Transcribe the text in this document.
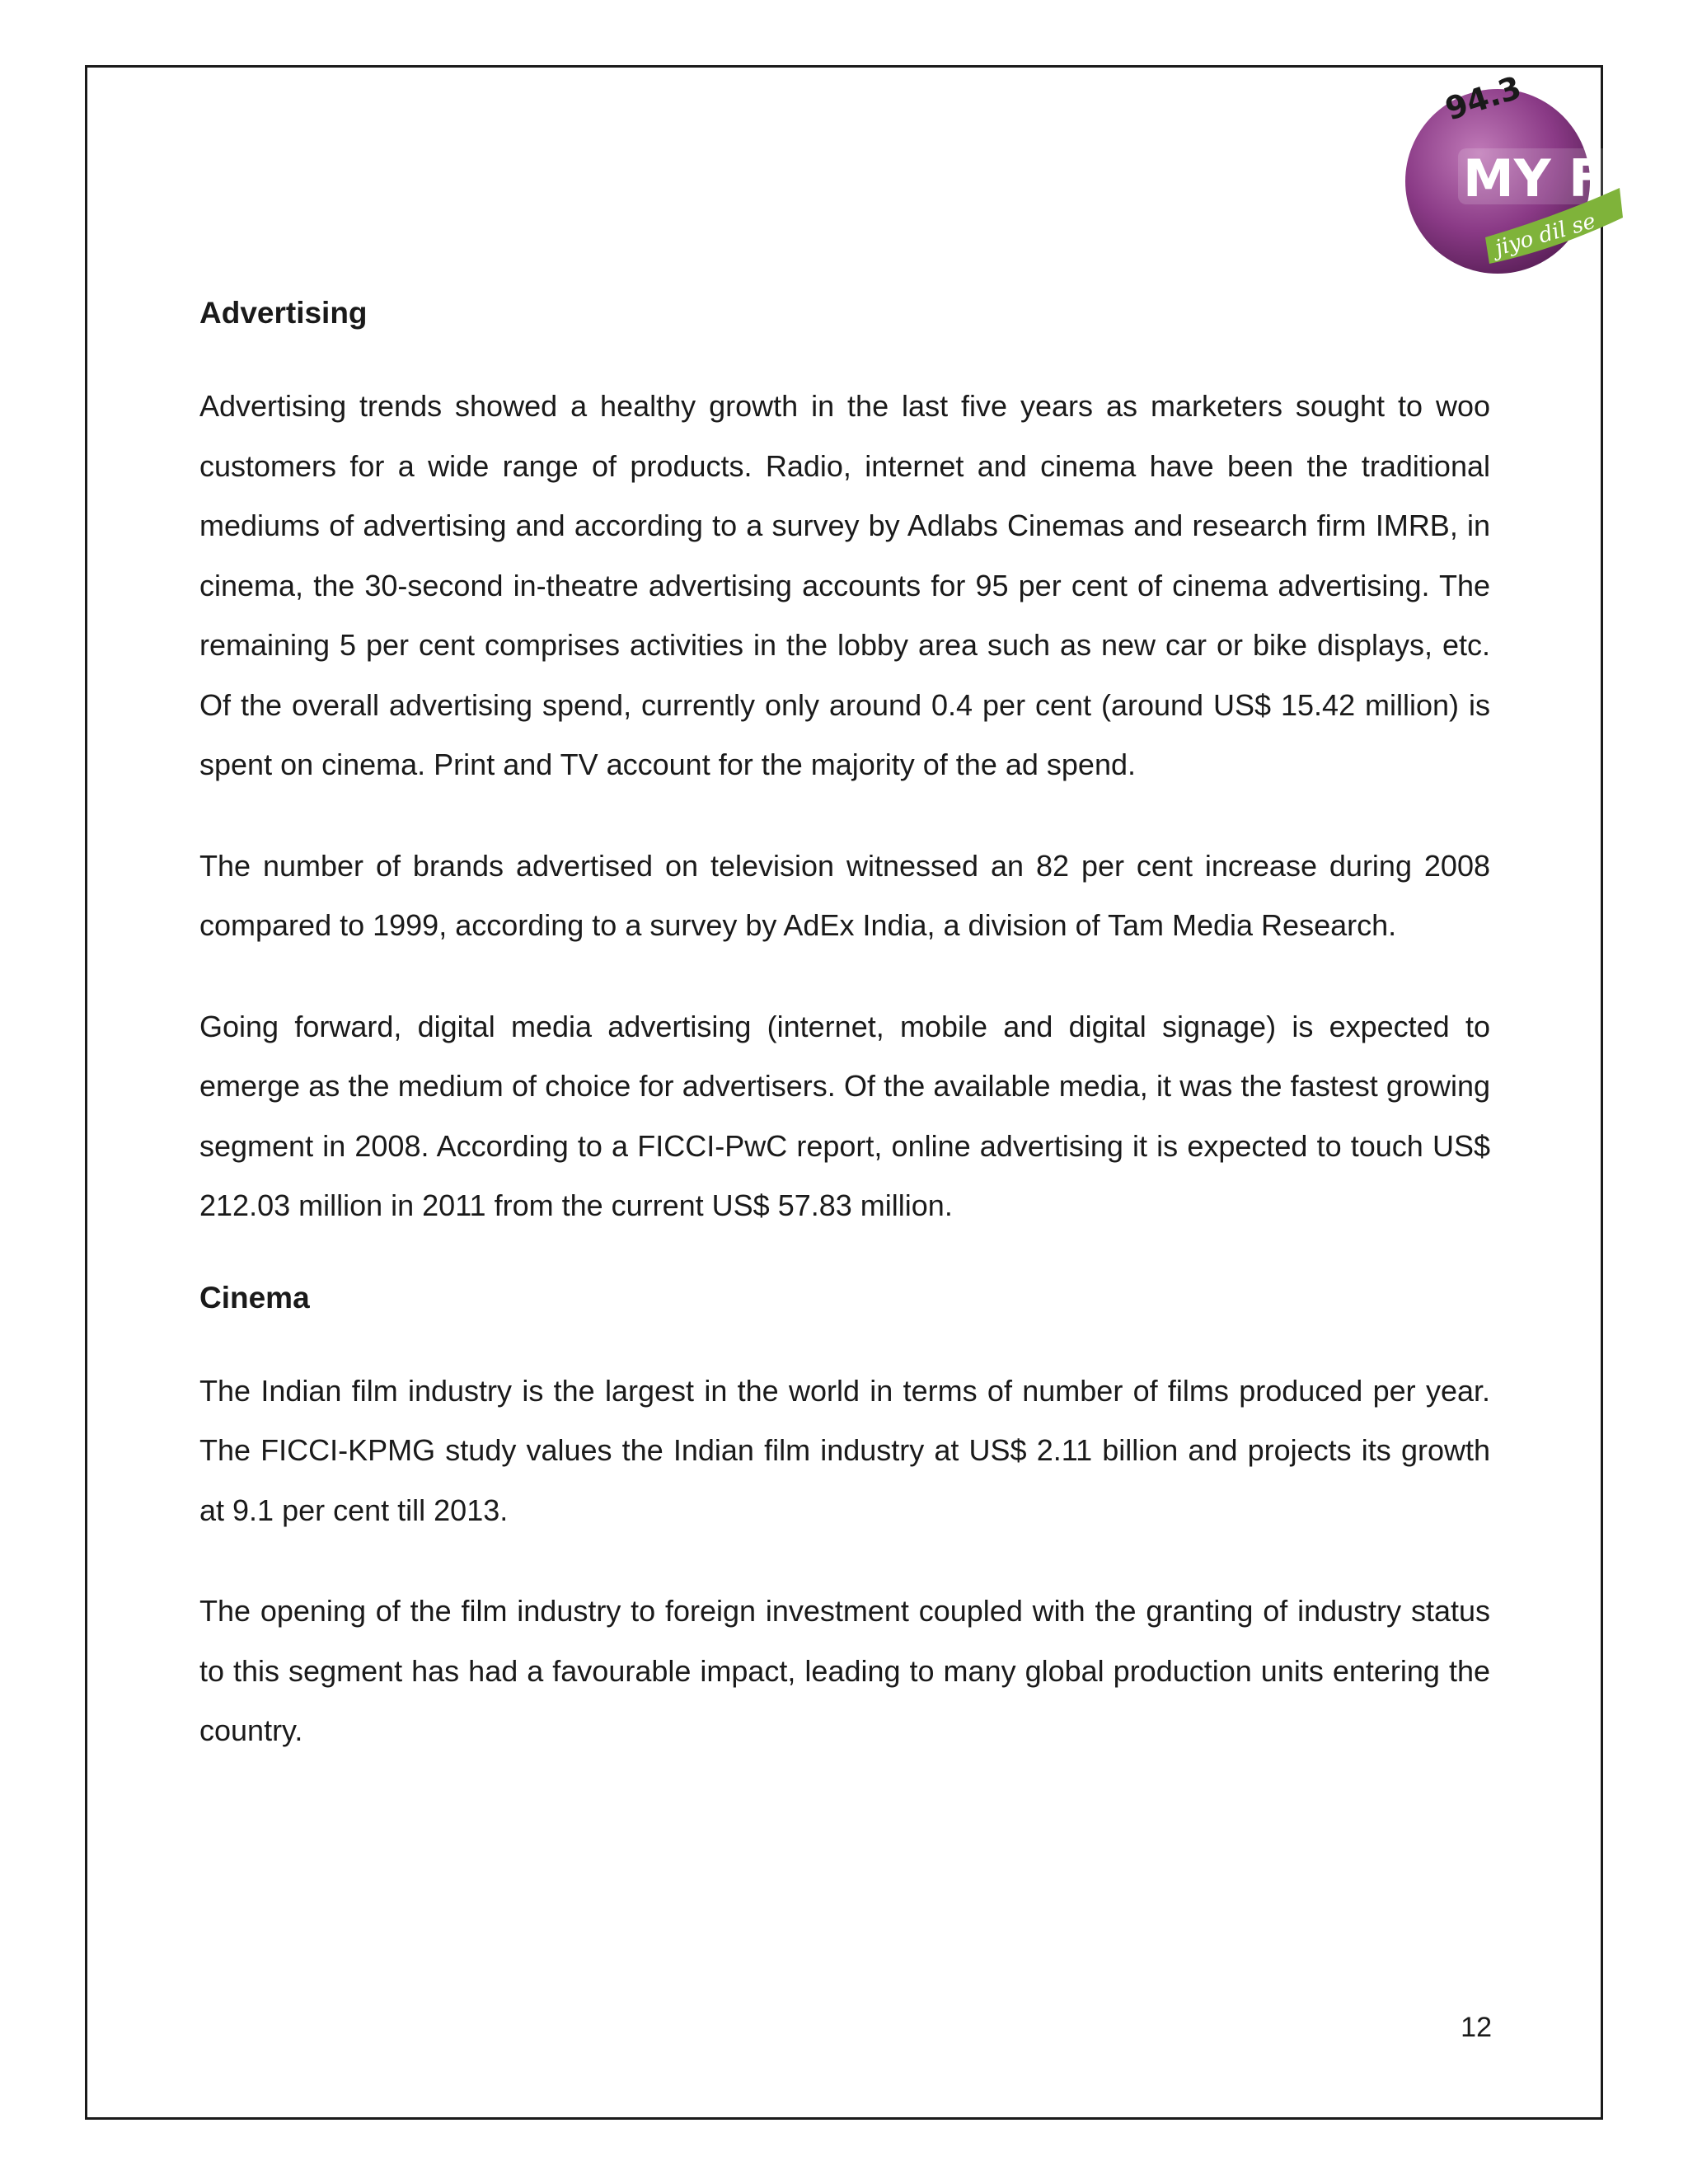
94.3
MY FM
jiyo dil se
Advertising

Advertising trends showed a healthy growth in the last five years as marketers sought to woo customers for a wide range of products. Radio, internet and cinema have been the traditional mediums of advertising and according to a survey by Adlabs Cinemas and research firm IMRB, in cinema, the 30-second in-theatre advertising accounts for 95 per cent of cinema advertising. The remaining 5 per cent comprises activities in the lobby area such as new car or bike displays, etc. Of the overall advertising spend, currently only around 0.4 per cent (around US$ 15.42 million) is spent on cinema. Print and TV account for the majority of the ad spend.

The number of brands advertised on television witnessed an 82 per cent increase during 2008 compared to 1999, according to a survey by AdEx India, a division of Tam Media Research.

Going forward, digital media advertising (internet, mobile and digital signage) is expected to emerge as the medium of choice for advertisers. Of the available media, it was the fastest growing segment in 2008. According to a FICCI-PwC report, online advertising it is expected to touch US$ 212.03 million in 2011 from the current US$ 57.83 million.

Cinema

The Indian film industry is the largest in the world in terms of number of films produced per year. The FICCI-KPMG study values the Indian film industry at US$ 2.11 billion and projects its growth at 9.1 per cent till 2013.

The opening of the film industry to foreign investment coupled with the granting of industry status to this segment has had a favourable impact, leading to many global production units entering the country.

12
